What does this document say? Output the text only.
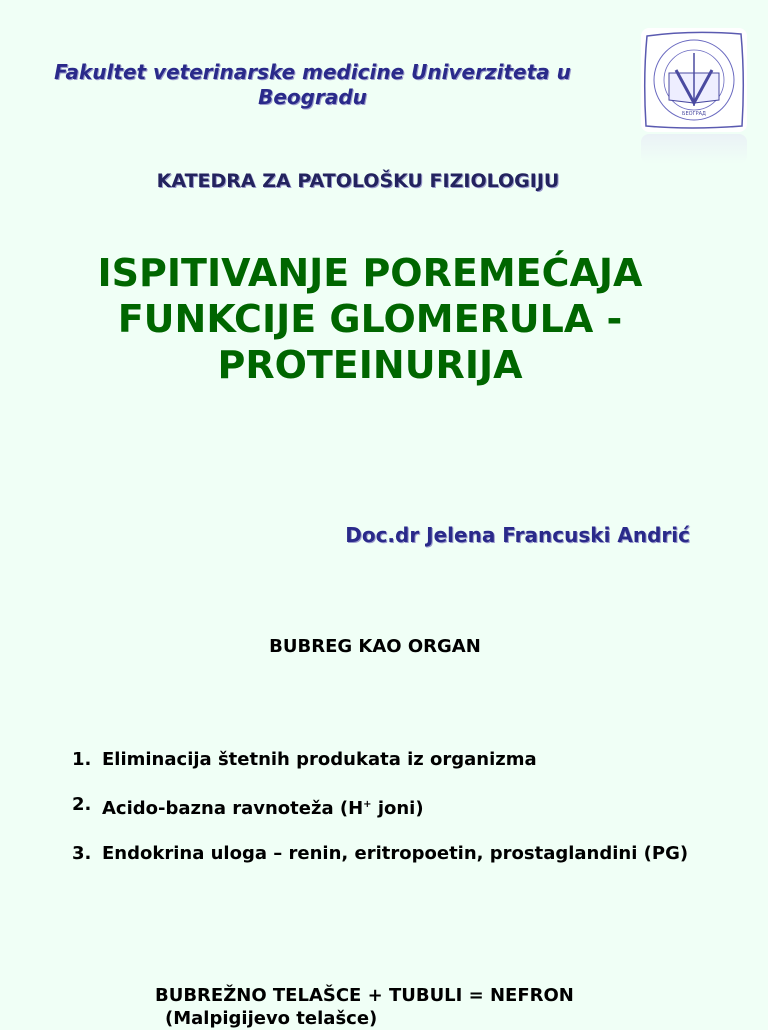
Fakultet veterinarske medicine Univerziteta u Beogradu
БЕОГРАД
KATEDRA ZA PATOLOŠKU FIZIOLOGIJU
ISPITIVANJE POREMEĆAJA
FUNKCIJE GLOMERULA -
PROTEINURIJA
Doc.dr Jelena Francuski Andrić
BUBREG KAO ORGAN
1. Eliminacija štetnih produkata iz organizma
2. Acido-bazna ravnoteža (H+ joni)
3. Endokrina uloga – renin, eritropoetin, prostaglandini (PG)
BUBREŽNO TELAŠCE + TUBULI = NEFRON
(Malpigijevo telašce)
